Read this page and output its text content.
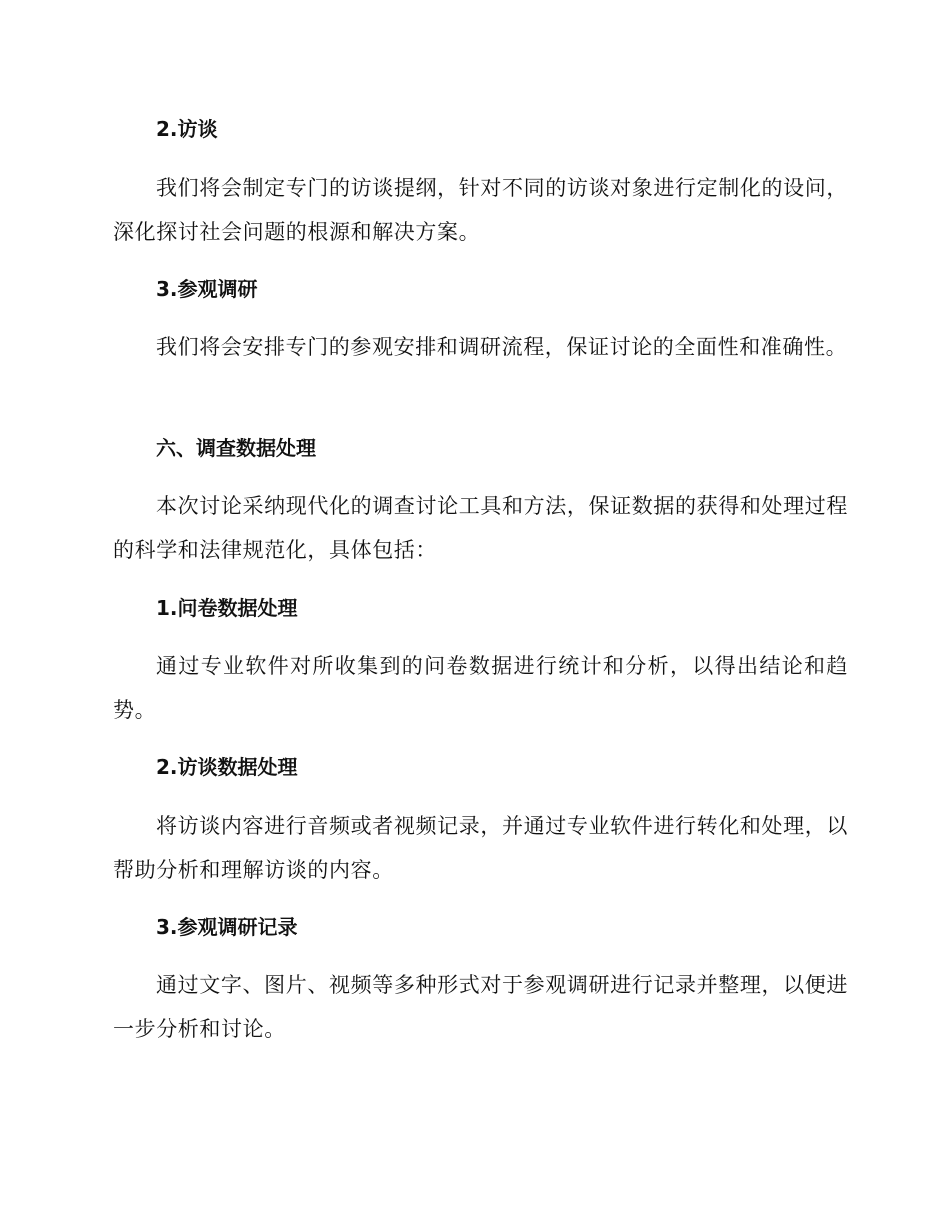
2.访谈

我们将会制定专门的访谈提纲，针对不同的访谈对象进行定制化的设问，深化探讨社会问题的根源和解决方案。

3.参观调研

我们将会安排专门的参观安排和调研流程，保证讨论的全面性和准确性。

六、调查数据处理

本次讨论采纳现代化的调查讨论工具和方法，保证数据的获得和处理过程的科学和法律规范化，具体包括：

1.问卷数据处理

通过专业软件对所收集到的问卷数据进行统计和分析，以得出结论和趋势。

2.访谈数据处理

将访谈内容进行音频或者视频记录，并通过专业软件进行转化和处理，以帮助分析和理解访谈的内容。

3.参观调研记录

通过文字、图片、视频等多种形式对于参观调研进行记录并整理，以便进一步分析和讨论。
